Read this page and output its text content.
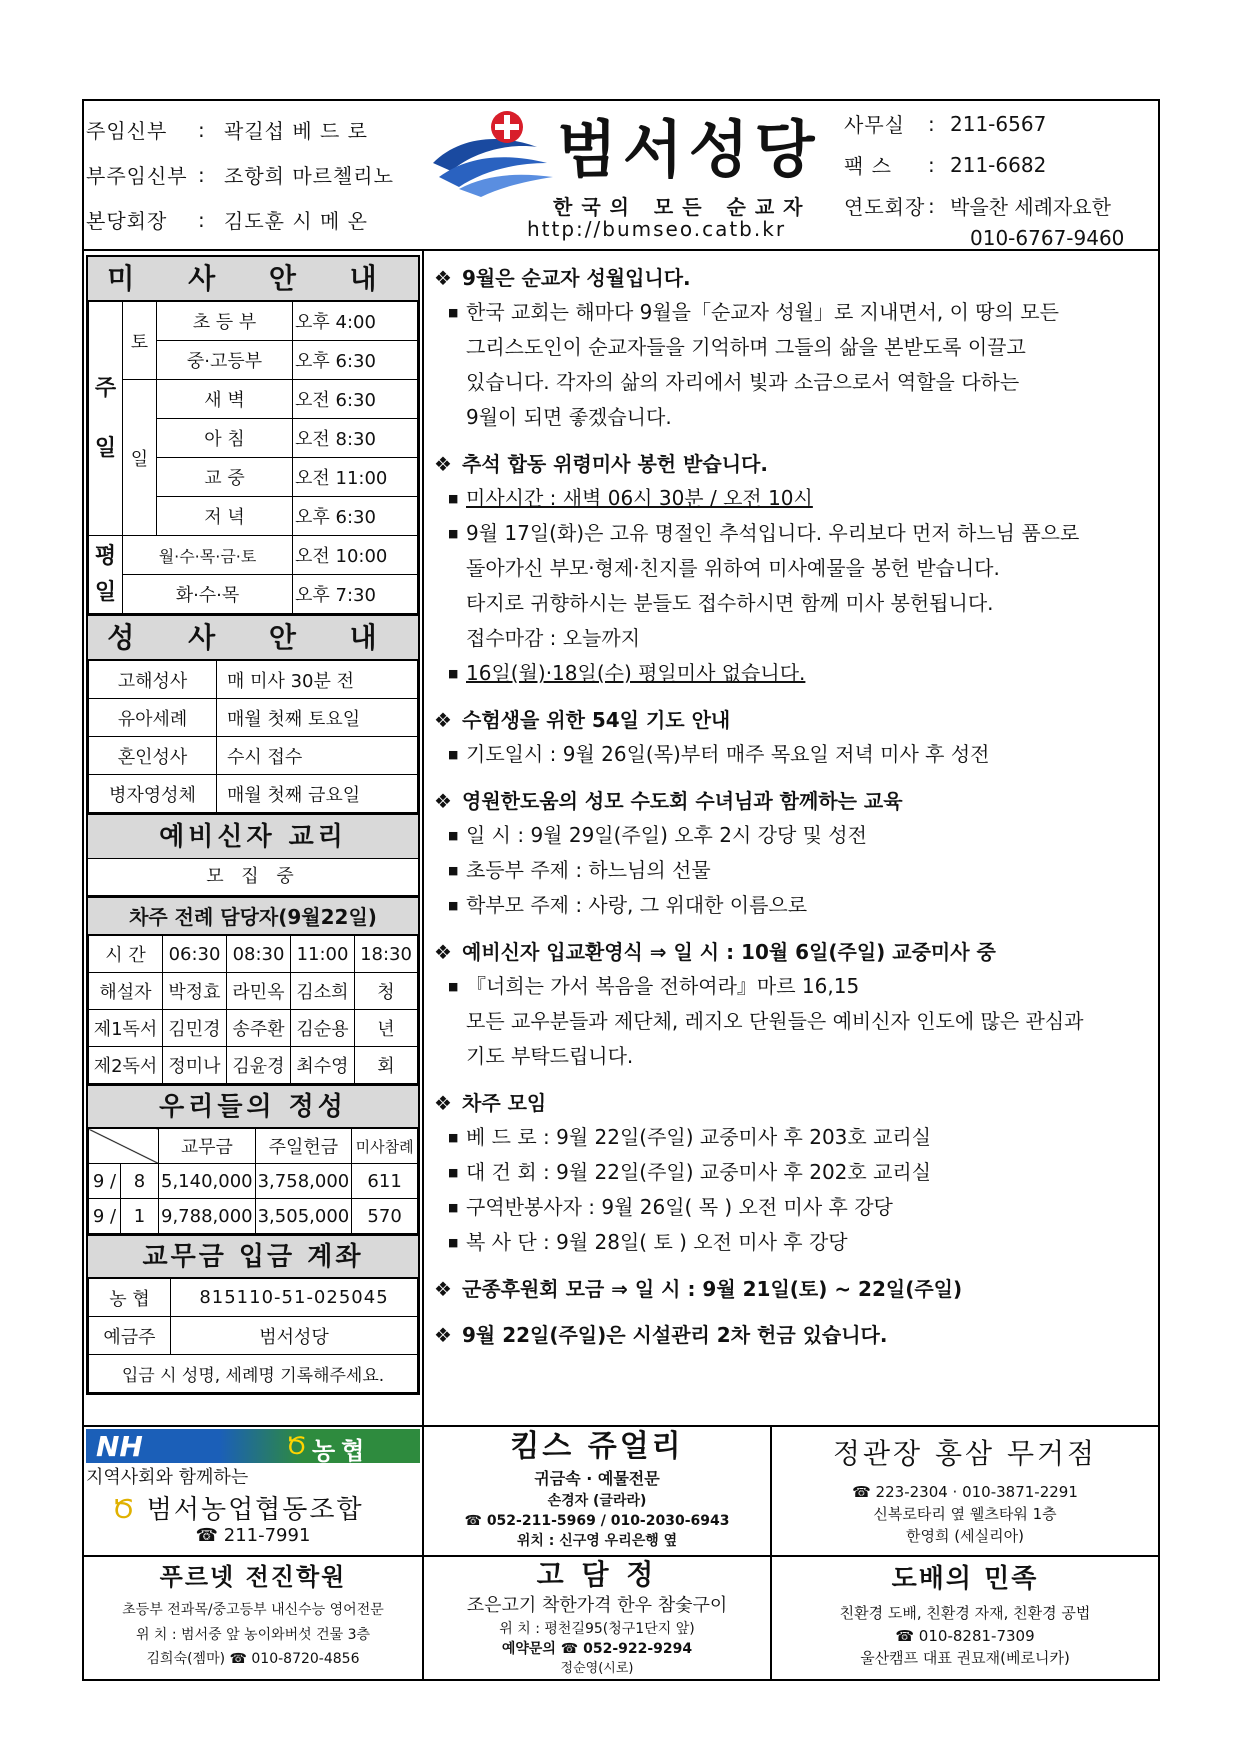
주임신부	: 곽길섭 베 드 로
부주임신부 : 조항희 마르첼리노
본당회장	: 김도훈 시 메 온
범서성당
한국의 모든 순교자
http://bumseo.catb.kr
사무실	: 211-6567
팩 스	: 211-6682
연도회장 : 박을찬 세례자요한
010-6767-9460
미 사 안 내
주일	토	초 등 부	오후 4:00
		중·고등부	오후 6:30
	일	새 벽	오전 6:30
		아 침	오전 8:30
		교 중	오전 11:00
		저 녁	오후 6:30
평일	월·수·목·금·토		오전 10:00
	화·수·목		오후 7:30
성 사 안 내
고해성사	매 미사 30분 전
유아세례	매월 첫째 토요일
혼인성사	수시 접수
병자영성체	매월 첫째 금요일
예비신자 교리
모 집 중
차주 전례 담당자(9월22일)
시 간	06:30	08:30	11:00	18:30
해설자	박정효	라민옥	김소희	청
제1독서	김민경	송주환	김순용	년
제2독서	정미나	김윤경	최수영	회
우리들의 정성
		교무금	주일헌금	미사참례
9 /	8	5,140,000	3,758,000	611
9 /	1	9,788,000	3,505,000	570
교무금 입금 계좌
농 협	815110-51-025045
예금주	범서성당
입금 시 성명, 세례명 기록해주세요.	
❖ 9월은 순교자 성월입니다.
■ 한국 교회는 해마다 9월을「순교자 성월」로 지내면서, 이 땅의 모든
그리스도인이 순교자들을 기억하며 그들의 삶을 본받도록 이끌고
있습니다. 각자의 삶의 자리에서 빛과 소금으로서 역할을 다하는
9월이 되면 좋겠습니다.
❖ 추석 합동 위령미사 봉헌 받습니다.
■ 미사시간 : 새벽 06시 30분 / 오전 10시
■ 9월 17일(화)은 고유 명절인 추석입니다. 우리보다 먼저 하느님 품으로
돌아가신 부모·형제·친지를 위하여 미사예물을 봉헌 받습니다.
타지로 귀향하시는 분들도 접수하시면 함께 미사 봉헌됩니다.
접수마감 : 오늘까지
■ 16일(월)·18일(수) 평일미사 없습니다.
❖ 수험생을 위한 54일 기도 안내
■ 기도일시 : 9월 26일(목)부터 매주 목요일 저녁 미사 후 성전
❖ 영원한도움의 성모 수도회 수녀님과 함께하는 교육
■ 일 시 : 9월 29일(주일) 오후 2시 강당 및 성전
■ 초등부 주제 : 하느님의 선물
■ 학부모 주제 : 사랑, 그 위대한 이름으로
❖ 예비신자 입교환영식 ⇒ 일 시 : 10월 6일(주일) 교중미사 중
■ 『너희는 가서 복음을 전하여라』마르 16,15
모든 교우분들과 제단체, 레지오 단원들은 예비신자 인도에 많은 관심과
기도 부탁드립니다.
❖ 차주 모임
■ 베 드 로 : 9월 22일(주일) 교중미사 후 203호 교리실
■ 대 건 회 : 9월 22일(주일) 교중미사 후 202호 교리실
■ 구역반봉사자 : 9월 26일( 목 ) 오전 미사 후 강당
■ 복 사 단 : 9월 28일( 토 ) 오전 미사 후 강당
❖ 군종후원회 모금 ⇒ 일 시 : 9월 21일(토) ~ 22일(주일)
❖ 9월 22일(주일)은 시설관리 2차 헌금 있습니다.
NH	Ծ 농협
지역사회와 함께하는
Ծ 범서농업협동조합
☎ 211-7991
킴스 쥬얼리
귀금속 · 예물전문
손경자 (글라라)
☎ 052-211-5969 / 010-2030-6943
위치 : 신구영 우리은행 옆
정관장 홍삼 무거점
☎ 223-2304 · 010-3871-2291
신복로타리 옆 웰츠타워 1층
한영희 (세실리아)
푸르넷 전진학원
초등부 전과목/중고등부 내신수능 영어전문
위 치 : 범서중 앞 농이와버섯 건물 3층
김희숙(젬마) ☎ 010-8720-4856
고 담 정
조은고기 착한가격 한우 참숯구이
위 치 : 평천길95(청구1단지 앞)
예약문의 ☎ 052-922-9294
정순영(시로)
도배의 민족
친환경 도배, 친환경 자재, 친환경 공법
☎ 010-8281-7309
울산캠프 대표 권묘재(베로니카)
